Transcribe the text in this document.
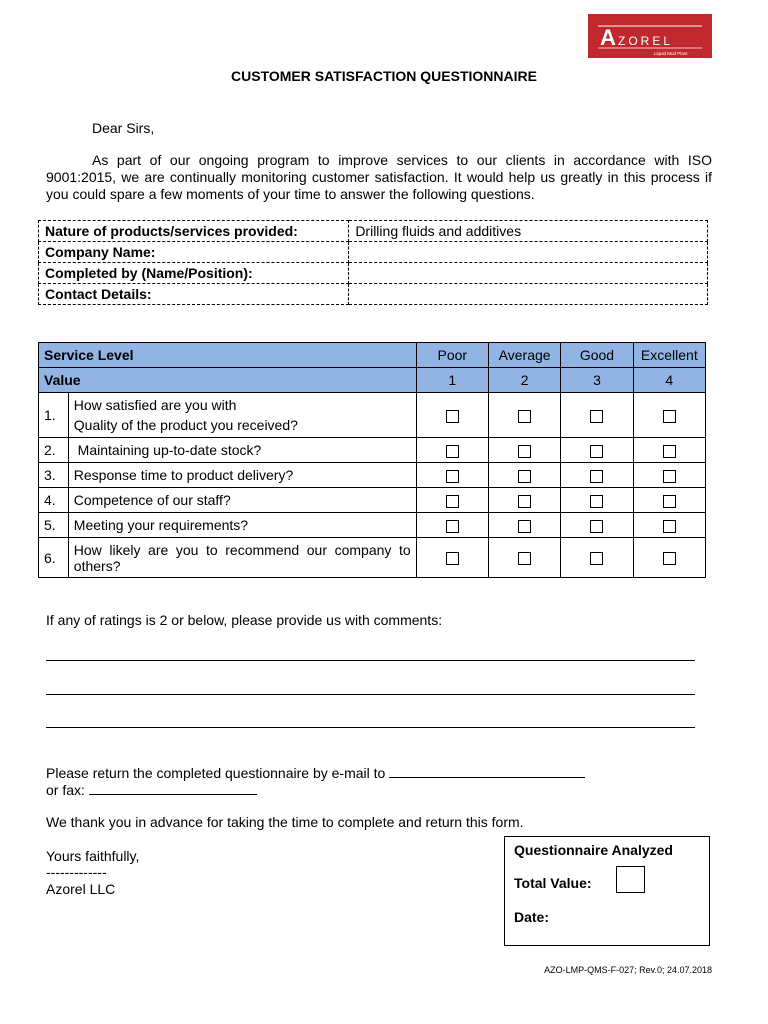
A ZOREL
Liquid Mud Plant
CUSTOMER SATISFACTION QUESTIONNAIRE
Dear Sirs,
As part of our ongoing program to improve services to our clients in accordance with ISO 9001:2015, we are continually monitoring customer satisfaction. It would help us greatly in this process if you could spare a few moments of your time to answer the following questions.
Nature of products/services provided:	Drilling fluids and additives
Company Name:	
Completed by (Name/Position):	
Contact Details:	
Service Level		Poor	Average	Good	Excellent
Value		1	2	3	4
1.	How satisfied are you with
Quality of the product you received?				

2.	Maintaining up-to-date stock?				
3.	Response time to product delivery?				
4.	Competence of our staff?				
5.	Meeting your requirements?				
6.	How likely are you to recommend our company to others?				
If any of ratings is 2 or below, please provide us with comments:
Please return the completed questionnaire by e-mail to
or fax:
We thank you in advance for taking the time to complete and return this form.
Yours faithfully,
-------------
Azorel LLC
Questionnaire Analyzed
Total Value:
Date:
AZO-LMP-QMS-F-027; Rev.0; 24.07.2018
